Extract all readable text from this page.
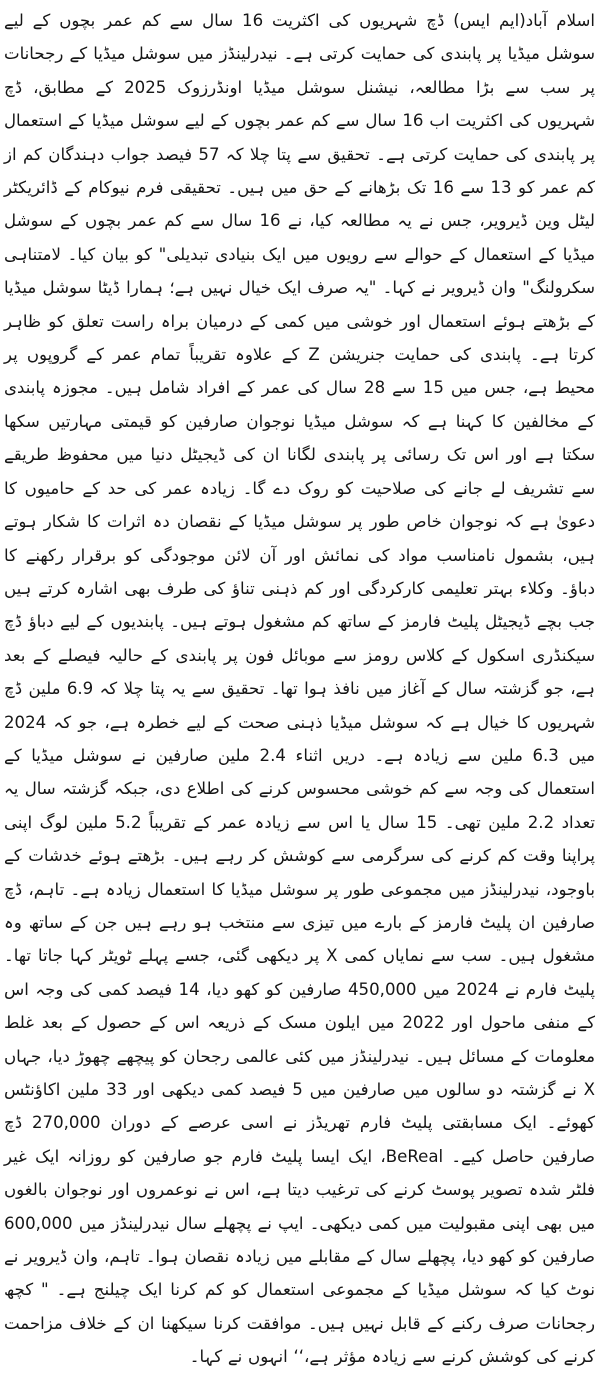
اسلام آباد(ایم ایس) ڈچ شہریوں کی اکثریت 16 سال سے کم عمر بچوں کے لیے سوشل میڈیا پر پابندی کی حمایت کرتی ہے۔ نیدرلینڈز میں سوشل میڈیا کے رجحانات پر سب سے بڑا مطالعہ، نیشنل سوشل میڈیا اونڈرزوک 2025 کے مطابق، ڈچ شہریوں کی اکثریت اب 16 سال سے کم عمر بچوں کے لیے سوشل میڈیا کے استعمال پر پابندی کی حمایت کرتی ہے۔ تحقیق سے پتا چلا کہ 57 فیصد جواب دہندگان کم از کم عمر کو 13 سے 16 تک بڑھانے کے حق میں ہیں۔ تحقیقی فرم نیوکام کے ڈائریکٹر لیٹل وین ڈیرویر، جس نے یہ مطالعہ کیا، نے 16 سال سے کم عمر بچوں کے سوشل میڈیا کے استعمال کے حوالے سے رویوں میں ایک بنیادی تبدیلی" کو بیان کیا۔ لامتناہی سکرولنگ" وان ڈیرویر نے کہا۔ "یہ صرف ایک خیال نہیں ہے؛ ہمارا ڈیٹا سوشل میڈیا کے بڑھتے ہوئے استعمال اور خوشی میں کمی کے درمیان براہ راست تعلق کو ظاہر کرتا ہے۔ پابندی کی حمایت جنریشن Z کے علاوہ تقریباً تمام عمر کے گروپوں پر محیط ہے، جس میں 15 سے 28 سال کی عمر کے افراد شامل ہیں۔ مجوزہ پابندی کے مخالفین کا کہنا ہے کہ سوشل میڈیا نوجوان صارفین کو قیمتی مہارتیں سکھا سکتا ہے اور اس تک رسائی پر پابندی لگانا ان کی ڈیجیٹل دنیا میں محفوظ طریقے سے تشریف لے جانے کی صلاحیت کو روک دے گا۔ زیادہ عمر کی حد کے حامیوں کا دعویٰ ہے کہ نوجوان خاص طور پر سوشل میڈیا کے نقصان دہ اثرات کا شکار ہوتے ہیں، بشمول نامناسب مواد کی نمائش اور آن لائن موجودگی کو برقرار رکھنے کا دباؤ۔ وکلاء بہتر تعلیمی کارکردگی اور کم ذہنی تناؤ کی طرف بھی اشارہ کرتے ہیں جب بچے ڈیجیٹل پلیٹ فارمز کے ساتھ کم مشغول ہوتے ہیں۔ پابندیوں کے لیے دباؤ ڈچ سیکنڈری اسکول کے کلاس رومز سے موبائل فون پر پابندی کے حالیہ فیصلے کے بعد ہے، جو گزشتہ سال کے آغاز میں نافذ ہوا تھا۔ تحقیق سے یہ پتا چلا کہ 6.9 ملین ڈچ شہریوں کا خیال ہے کہ سوشل میڈیا ذہنی صحت کے لیے خطرہ ہے، جو کہ 2024 میں 6.3 ملین سے زیادہ ہے۔ دریں اثناء 2.4 ملین صارفین نے سوشل میڈیا کے استعمال کی وجہ سے کم خوشی محسوس کرنے کی اطلاع دی، جبکہ گزشتہ سال یہ تعداد 2.2 ملین تھی۔ 15 سال یا اس سے زیادہ عمر کے تقریباً 5.2 ملین لوگ اپنی پراپنا وقت کم کرنے کی سرگرمی سے کوشش کر رہے ہیں۔ بڑھتے ہوئے خدشات کے باوجود، نیدرلینڈز میں مجموعی طور پر سوشل میڈیا کا استعمال زیادہ ہے۔ تاہم، ڈچ صارفین ان پلیٹ فارمز کے بارے میں تیزی سے منتخب ہو رہے ہیں جن کے ساتھ وہ مشغول ہیں۔ سب سے نمایاں کمی X پر دیکھی گئی، جسے پہلے ٹویٹر کہا جاتا تھا۔ پلیٹ فارم نے 2024 میں 450,000 صارفین کو کھو دیا، 14 فیصد کمی کی وجہ اس کے منفی ماحول اور 2022 میں ایلون مسک کے ذریعہ اس کے حصول کے بعد غلط معلومات کے مسائل ہیں۔ نیدرلینڈز میں کئی عالمی رجحان کو پیچھے چھوڑ دیا، جہاں X نے گزشتہ دو سالوں میں صارفین میں 5 فیصد کمی دیکھی اور 33 ملین اکاؤنٹس کھوئے۔ ایک مسابقتی پلیٹ فارم تھریڈز نے اسی عرصے کے دوران 270,000 ڈچ صارفین حاصل کیے۔ BeReal، ایک ایسا پلیٹ فارم جو صارفین کو روزانہ ایک غیر فلٹر شدہ تصویر پوسٹ کرنے کی ترغیب دیتا ہے، اس نے نوعمروں اور نوجوان بالغوں میں بھی اپنی مقبولیت میں کمی دیکھی۔ ایپ نے پچھلے سال نیدرلینڈز میں 600,000 صارفین کو کھو دیا، پچھلے سال کے مقابلے میں زیادہ نقصان ہوا۔ تاہم، وان ڈیرویر نے نوٹ کیا کہ سوشل میڈیا کے مجموعی استعمال کو کم کرنا ایک چیلنج ہے۔ " کچھ رجحانات صرف رکنے کے قابل نہیں ہیں۔ موافقت کرنا سیکھنا ان کے خلاف مزاحمت کرنے کی کوشش کرنے سے زیادہ مؤثر ہے،‘‘ انہوں نے کہا۔
